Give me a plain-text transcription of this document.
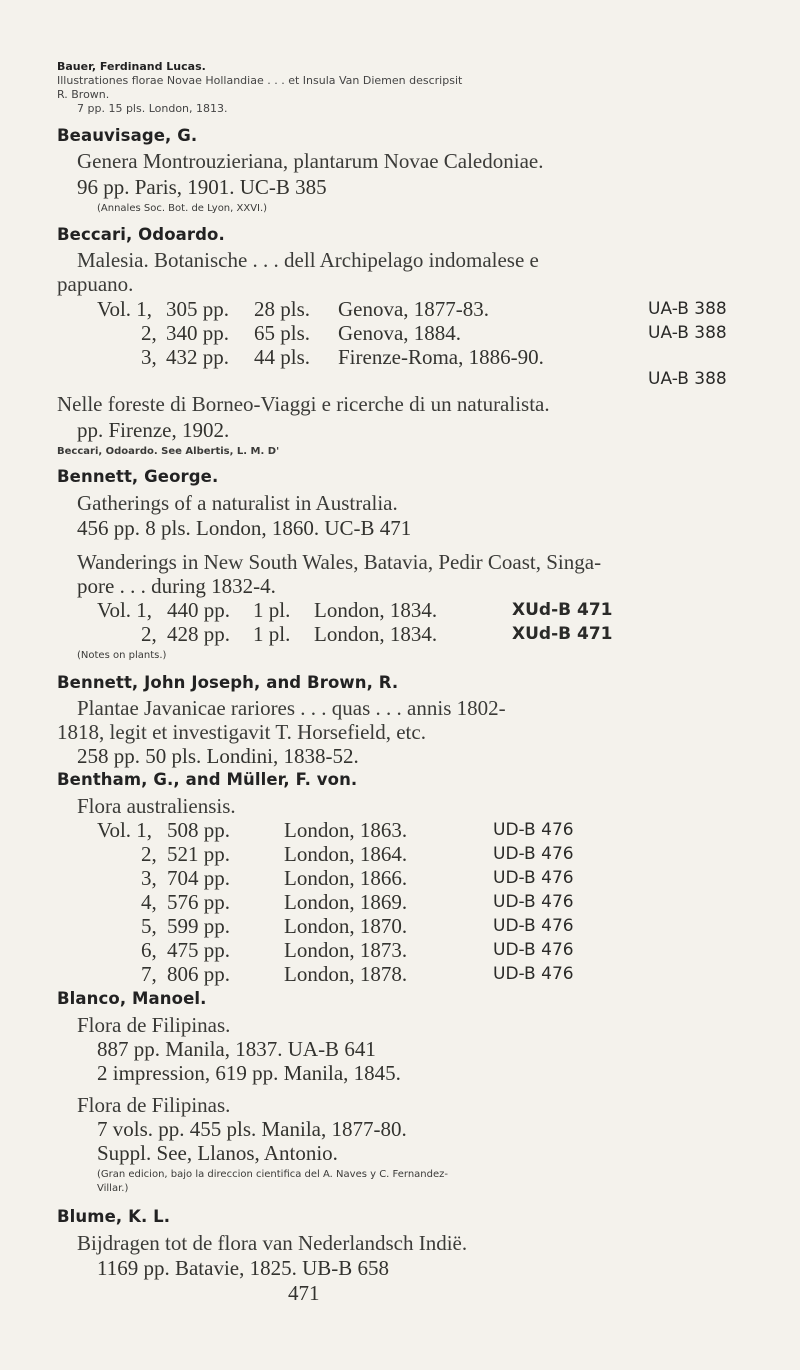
Bauer, Ferdinand Lucas.
Illustrationes florae Novae Hollandiae . . . et Insula Van Diemen descripsit
R. Brown.
7 pp. 15 pls. London, 1813.
Beauvisage, G.
Genera Montrouzieriana, plantarum Novae Caledoniae.
96 pp. Paris, 1901. UC-B 385
(Annales Soc. Bot. de Lyon, XXVI.)
Beccari, Odoardo.
Malesia. Botanische . . . dell Archipelago indomalese e
papuano.
Vol. 1, 305 pp. 28 pls. Genova, 1877-83.	UA-B 388
2, 340 pp. 65 pls. Genova, 1884.	UA-B 388
3, 432 pp. 44 pls. Firenze-Roma, 1886-90.
UA-B 388
Nelle foreste di Borneo-Viaggi e ricerche di un naturalista.
pp. Firenze, 1902.
Beccari, Odoardo. See Albertis, L. M. D'
Bennett, George.
Gatherings of a naturalist in Australia.
456 pp. 8 pls. London, 1860. UC-B 471
Wanderings in New South Wales, Batavia, Pedir Coast, Singa-
pore . . . during 1832-4.
Vol. 1, 440 pp. 1 pl. London, 1834.	XUd-B 471
2, 428 pp. 1 pl. London, 1834.	XUd-B 471
(Notes on plants.)
Bennett, John Joseph, and Brown, R.
Plantae Javanicae rariores . . . quas . . . annis 1802-
1818, legit et investigavit T. Horsefield, etc.
258 pp. 50 pls. Londini, 1838-52.
Bentham, G., and Müller, F. von.
Flora australiensis.
Vol. 1, 508 pp.	London, 1863.	UD-B 476
2, 521 pp.	London, 1864.	UD-B 476
3, 704 pp.	London, 1866.	UD-B 476
4, 576 pp.	London, 1869.	UD-B 476
5, 599 pp.	London, 1870.	UD-B 476
6, 475 pp.	London, 1873.	UD-B 476
7, 806 pp.	London, 1878.	UD-B 476
Blanco, Manoel.
Flora de Filipinas.
887 pp. Manila, 1837. UA-B 641
2 impression, 619 pp. Manila, 1845.
Flora de Filipinas.
7 vols. pp. 455 pls. Manila, 1877-80.
Suppl. See, Llanos, Antonio.
(Gran edicion, bajo la direccion cientifica del A. Naves y C. Fernandez-
Villar.)
Blume, K. L.
Bijdragen tot de flora van Nederlandsch Indië.
1169 pp. Batavie, 1825. UB-B 658
471
